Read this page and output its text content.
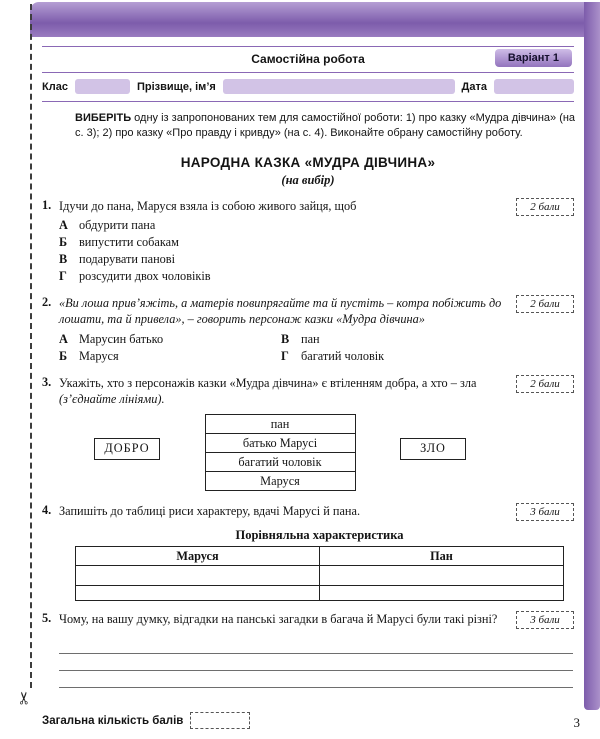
✂
Самостійна робота	Варіант 1
Клас	Прізвище, ім’я	Дата

ВИБЕРІТЬ одну із запропонованих тем для самостійної роботи: 1) про казку «Мудра дівчина» (на с. 3); 2) про казку «Про правду і кривду» (на с. 4). Виконайте обрану самостійну роботу.

НАРОДНА КАЗКА «МУДРА ДІВЧИНА»
(на вибір)
1. Ідучи до пана, Маруся взяла із собою живого зайця, щоб
А обдурити пана
Б випустити собакам
В подарувати панові
Г розсудити двох чоловіків
2 бали
2. «Ви лоша прив’яжіть, а матерів повипрягайте та й пустіть – котра побіжить до лошати, та й привела», – говорить персонаж казки «Мудра дівчина»
А Марусин батько
Б Маруся
В пан
Г багатий чоловік
2 бали
3. Укажіть, хто з персонажів казки «Мудра дівчина» є втіленням добра, а хто – зла (з’єднайте лініями).
ДОБРО
пан
батько Марусі
багатий чоловік
Маруся
ЗЛО
2 бали
4. Запишіть до таблиці риси характеру, вдачі Марусі й пана.	3 бали
Порівняльна характеристика
Маруся	Пан

5. Чому, на вашу думку, відгадки на панські загадки в багача й Марусі були такі різні?	3 бали
Загальна кількість балів	3
